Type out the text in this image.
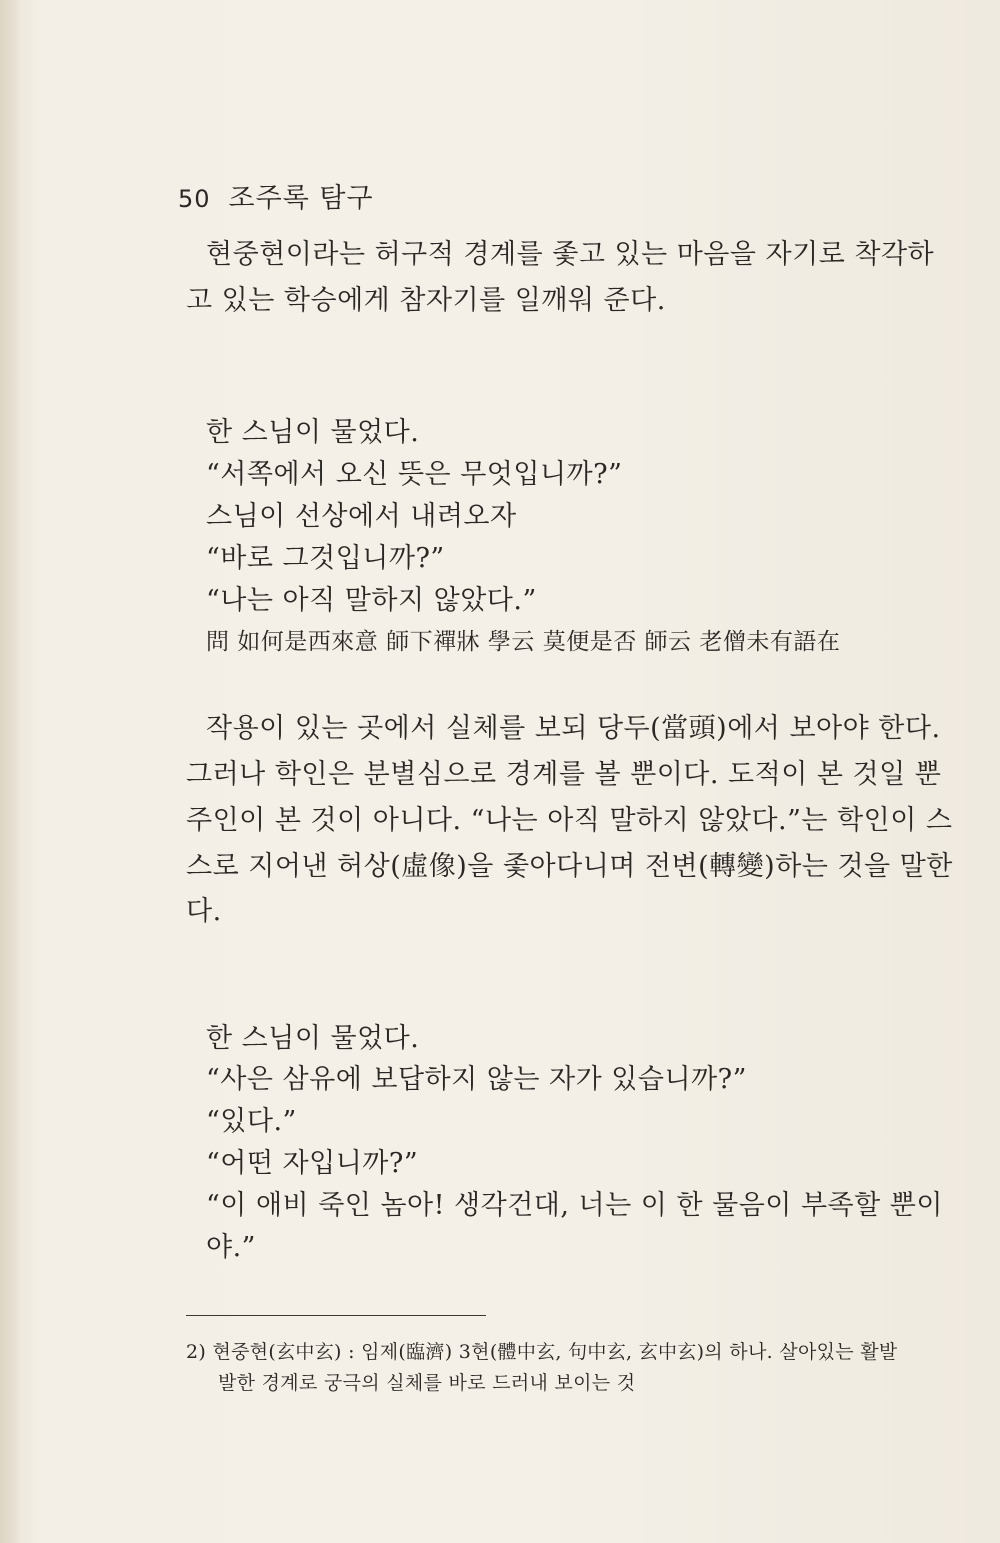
50 조주록 탐구
현중현이라는 허구적 경계를 좇고 있는 마음을 자기로 착각하
고 있는 학승에게 참자기를 일깨워 준다.
한 스님이 물었다.
“서쪽에서 오신 뜻은 무엇입니까?”
스님이 선상에서 내려오자
“바로 그것입니까?”
“나는 아직 말하지 않았다.”
問 如何是西來意 師下禪牀 學云 莫便是否 師云 老僧未有語在
작용이 있는 곳에서 실체를 보되 당두(當頭)에서 보아야 한다.
그러나 학인은 분별심으로 경계를 볼 뿐이다. 도적이 본 것일 뿐
주인이 본 것이 아니다. “나는 아직 말하지 않았다.”는 학인이 스
스로 지어낸 허상(虛像)을 좇아다니며 전변(轉變)하는 것을 말한
다.
한 스님이 물었다.
“사은 삼유에 보답하지 않는 자가 있습니까?”
“있다.”
“어떤 자입니까?”
“이 애비 죽인 놈아! 생각건대, 너는 이 한 물음이 부족할 뿐이
야.”
2) 현중현(玄中玄) : 임제(臨濟) 3현(體中玄, 句中玄, 玄中玄)의 하나. 살아있는 활발
발한 경계로 궁극의 실체를 바로 드러내 보이는 것
